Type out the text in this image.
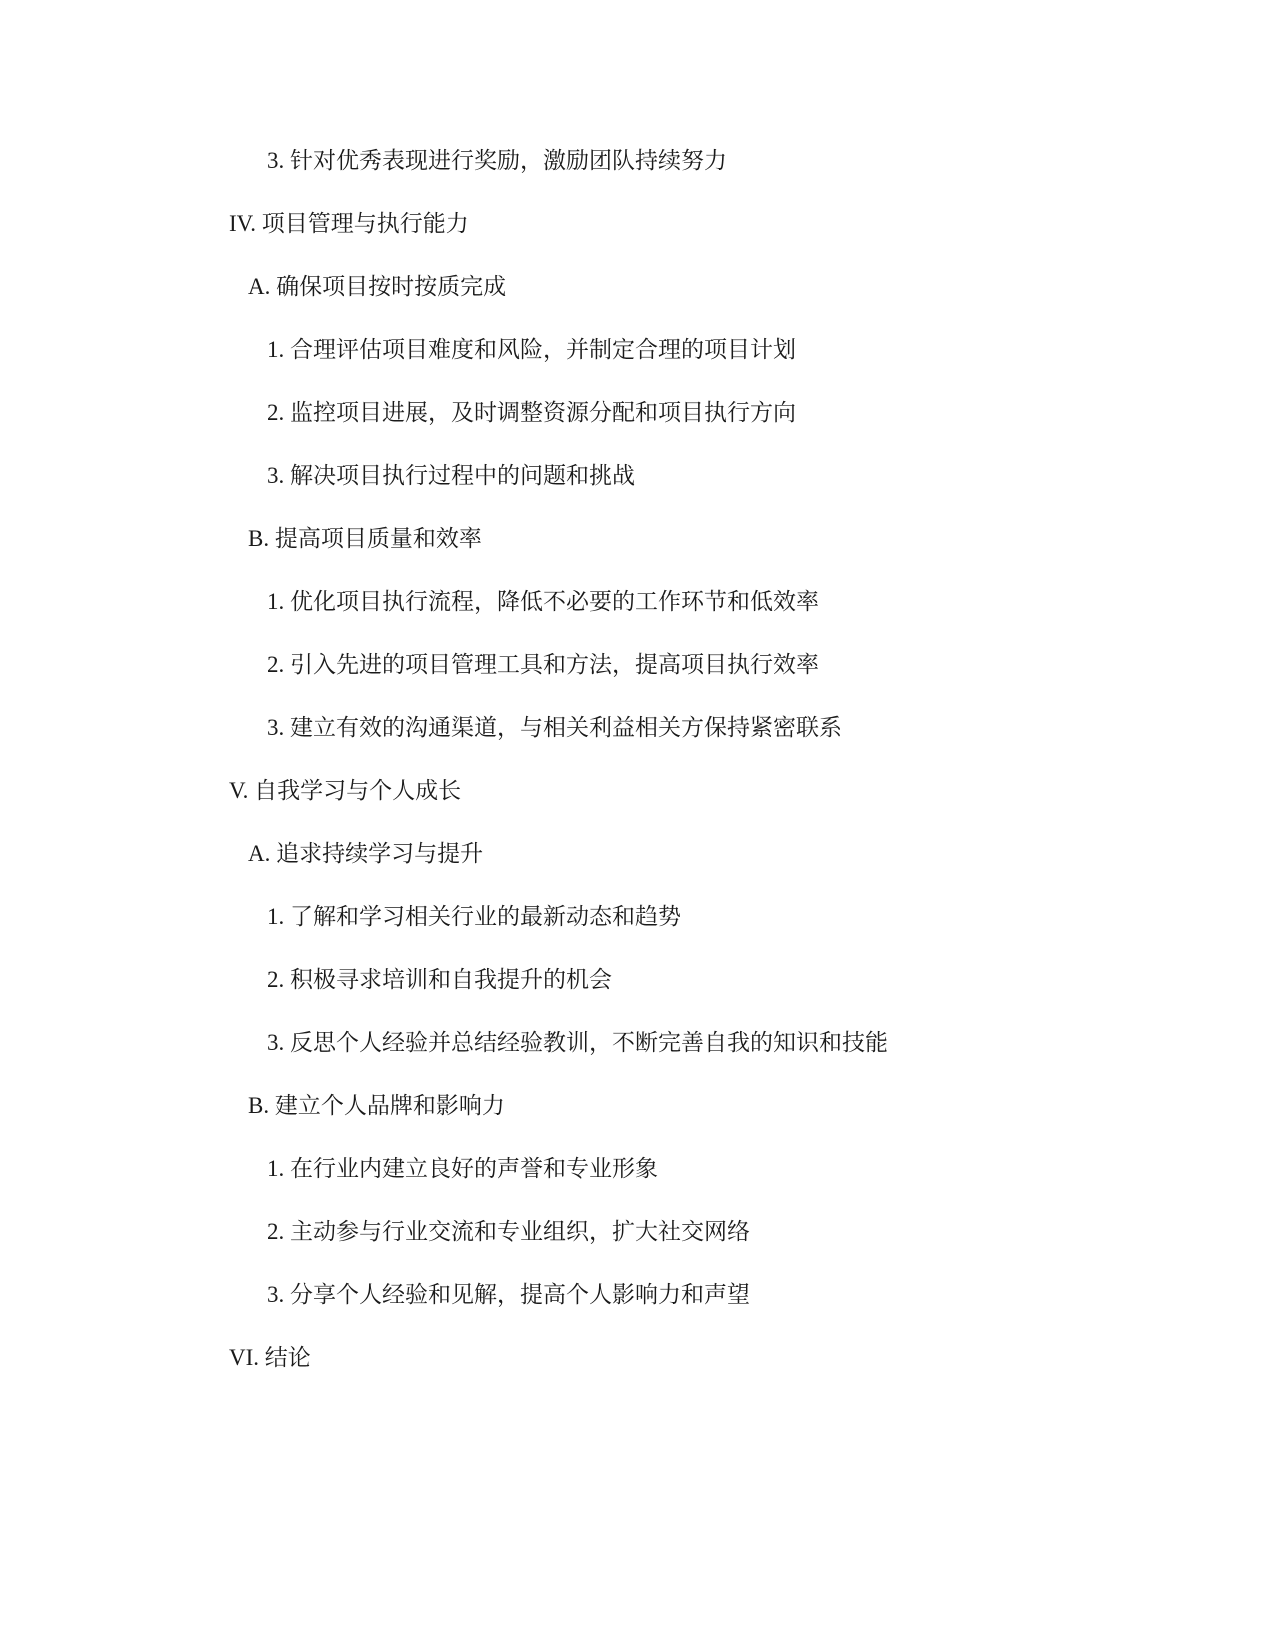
3. 针对优秀表现进行奖励，激励团队持续努力
IV. 项目管理与执行能力
A. 确保项目按时按质完成
1. 合理评估项目难度和风险，并制定合理的项目计划
2. 监控项目进展，及时调整资源分配和项目执行方向
3. 解决项目执行过程中的问题和挑战
B. 提高项目质量和效率
1. 优化项目执行流程，降低不必要的工作环节和低效率
2. 引入先进的项目管理工具和方法，提高项目执行效率
3. 建立有效的沟通渠道，与相关利益相关方保持紧密联系
V. 自我学习与个人成长
A. 追求持续学习与提升
1. 了解和学习相关行业的最新动态和趋势
2. 积极寻求培训和自我提升的机会
3. 反思个人经验并总结经验教训，不断完善自我的知识和技能
B. 建立个人品牌和影响力
1. 在行业内建立良好的声誉和专业形象
2. 主动参与行业交流和专业组织，扩大社交网络
3. 分享个人经验和见解，提高个人影响力和声望
VI. 结论
